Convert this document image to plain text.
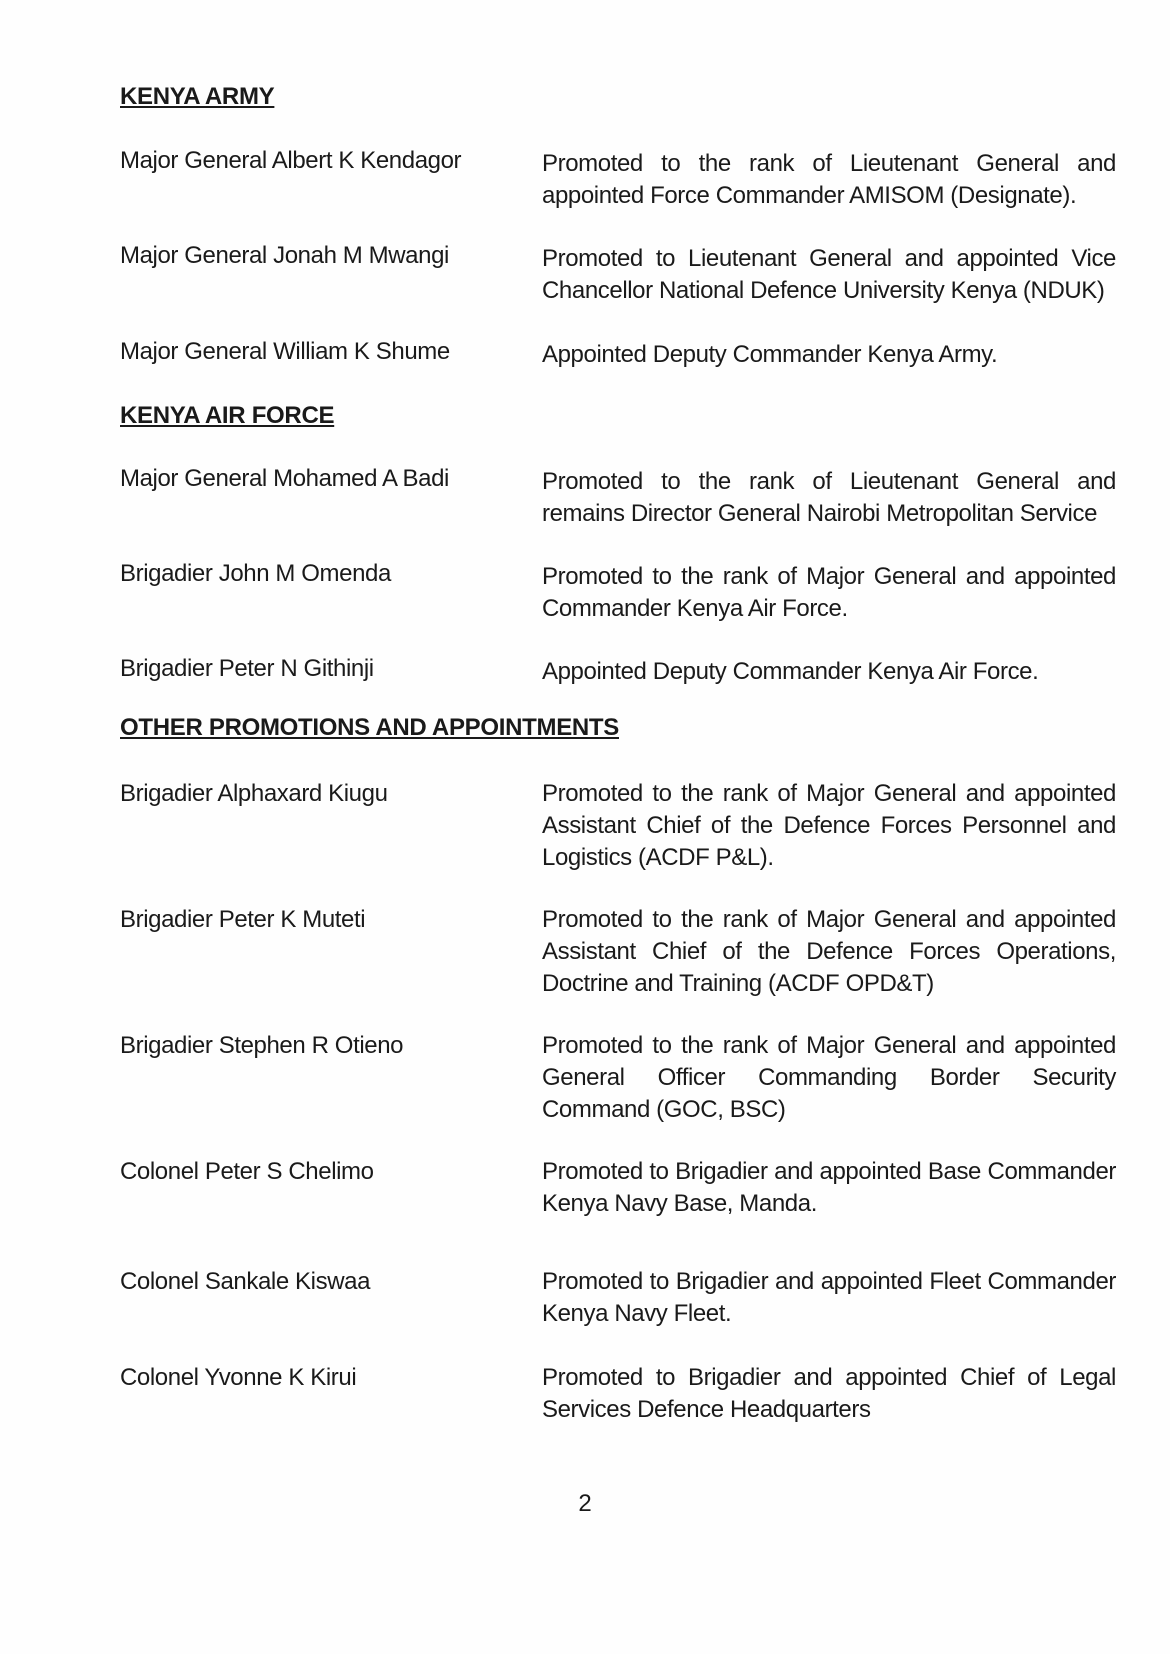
KENYA ARMY
Major General Albert K Kendagor	Promoted to the rank of Lieutenant General and appointed Force Commander AMISOM (Designate).
Major General Jonah M Mwangi	Promoted to Lieutenant General and appointed Vice Chancellor National Defence University Kenya (NDUK)
Major General William K Shume	Appointed Deputy Commander Kenya Army.
KENYA AIR FORCE
Major General Mohamed A Badi	Promoted to the rank of Lieutenant General and remains Director General Nairobi Metropolitan Service
Brigadier John M Omenda	Promoted to the rank of Major General and appointed Commander Kenya Air Force.
Brigadier Peter N Githinji	Appointed Deputy Commander Kenya Air Force.
OTHER PROMOTIONS AND APPOINTMENTS
Brigadier Alphaxard Kiugu	Promoted to the rank of Major General and appointed Assistant Chief of the Defence Forces Personnel and Logistics (ACDF P&L).
Brigadier Peter K Muteti	Promoted to the rank of Major General and appointed Assistant Chief of the Defence Forces Operations, Doctrine and Training (ACDF OPD&T)
Brigadier Stephen R Otieno	Promoted to the rank of Major General and appointed General Officer Commanding Border Security Command (GOC, BSC)
Colonel Peter S Chelimo	Promoted to Brigadier and appointed Base Commander Kenya Navy Base, Manda.
Colonel Sankale Kiswaa	Promoted to Brigadier and appointed Fleet Commander Kenya Navy Fleet.
Colonel Yvonne K Kirui	Promoted to Brigadier and appointed Chief of Legal Services Defence Headquarters
2
